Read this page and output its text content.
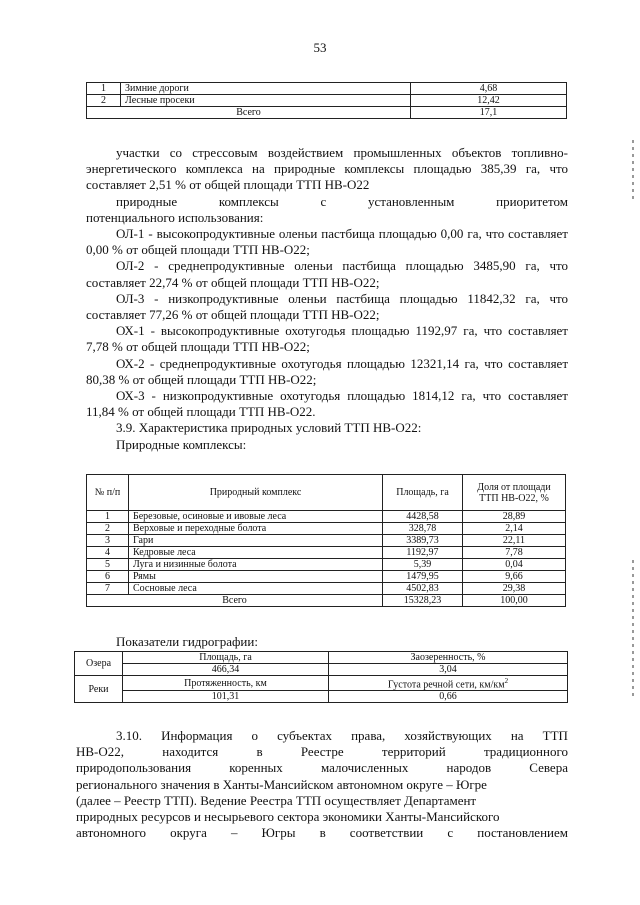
53
1	Зимние дороги	4,68
2	Лесные просеки	12,42
Всего		17,1

участки со стрессовым воздействием промышленных объектов топливно-энергетического комплекса на природные комплексы площадью 385,39 га, что составляет 2,51 % от общей площади ТТП НВ-О22

природные	комплексы	с	установленным	приоритетом

потенциального использования:

ОЛ-1 - высокопродуктивные оленьи пастбища площадью 0,00 га, что составляет 0,00 % от общей площади ТТП НВ-О22;

ОЛ-2 - среднепродуктивные оленьи пастбища площадью 3485,90 га, что составляет 22,74 % от общей площади ТТП НВ-О22;

ОЛ-3 - низкопродуктивные оленьи пастбища площадью 11842,32 га, что составляет 77,26 % от общей площади ТТП НВ-О22;

ОХ-1 - высокопродуктивные охотугодья площадью 1192,97 га, что составляет 7,78 % от общей площади ТТП НВ-О22;

ОХ-2 - среднепродуктивные охотугодья площадью 12321,14 га, что составляет 80,38 % от общей площади ТТП НВ-О22;

ОХ-3 - низкопродуктивные охотугодья площадью 1814,12 га, что составляет 11,84 % от общей площади ТТП НВ-О22.

3.9. Характеристика природных условий ТТП НВ-О22:

Природные комплексы:

№ п/п	Природный комплекс	Площадь, га	Доля от площади ТТП НВ-О22, %
1	Березовые, осиновые и ивовые леса	4428,58	28,89
2	Верховые и переходные болота	328,78	2,14
3	Гари	3389,73	22,11
4	Кедровые леса	1192,97	7,78
5	Луга и низинные болота	5,39	0,04
6	Рямы	1479,95	9,66
7	Сосновые леса	4502,83	29,38
Всего		15328,23	100,00
Показатели гидрографии:
Озера	Площадь, га	Заозеренность, %
	466,34	3,04
Реки	Протяженность, км	Густота речной сети, $км/км^2$
	101,31	0,66
3.10. Информация о субъектах права, хозяйствующих на ТТП
НВ-О22,	находится	в	Реестре	территорий	традиционного
природопользования	коренных	малочисленных	народов	Севера

регионального значения в Ханты-Мансийском автономном округе – Югре

(далее – Реестр ТТП). Ведение Реестра ТТП осуществляет Департамент

природных ресурсов и несырьевого сектора экономики Ханты-Мансийского

автономного округа – Югры в соответствии с постановлением
